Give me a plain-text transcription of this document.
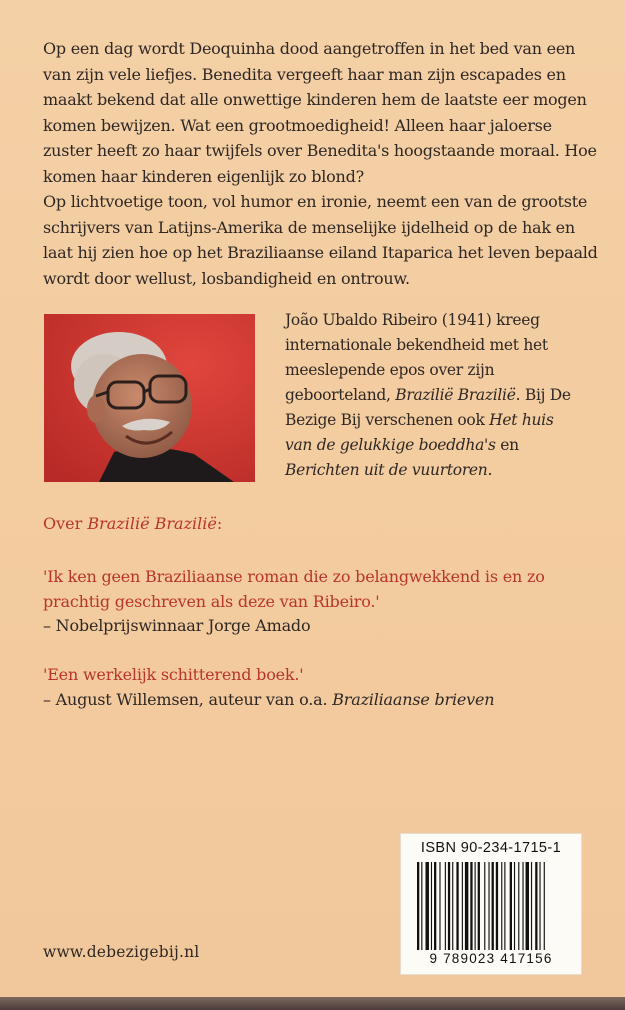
Op een dag wordt Deoquinha dood aangetroffen in het bed van een van zijn vele liefjes. Benedita vergeeft haar man zijn escapades en maakt bekend dat alle onwettige kinderen hem de laatste eer mogen komen bewijzen. Wat een grootmoedigheid! Alleen haar jaloerse zuster heeft zo haar twijfels over Benedita's hoogstaande moraal. Hoe komen haar kinderen eigenlijk zo blond?

Op lichtvoetige toon, vol humor en ironie, neemt een van de grootste schrijvers van Latijns-Amerika de menselijke ijdelheid op de hak en laat hij zien hoe op het Braziliaanse eiland Itaparica het leven bepaald wordt door wellust, losbandigheid en ontrouw.

João Ubaldo Ribeiro (1941) kreeg internationale bekendheid met het meeslepende epos over zijn geboorteland, Brazilië Brazilië. Bij De Bezige Bij verschenen ook Het huis van de gelukkige boeddha's en Berichten uit de vuurtoren.

Over Brazilië Brazilië:

'Ik ken geen Braziliaanse roman die zo belangwekkend is en zo prachtig geschreven als deze van Ribeiro.'

– Nobelprijswinnaar Jorge Amado

'Een werkelijk schitterend boek.'

– August Willemsen, auteur van o.a. Braziliaanse brieven

www.debezigebij.nl
ISBN 90-234-1715-1
9 789023 417156
